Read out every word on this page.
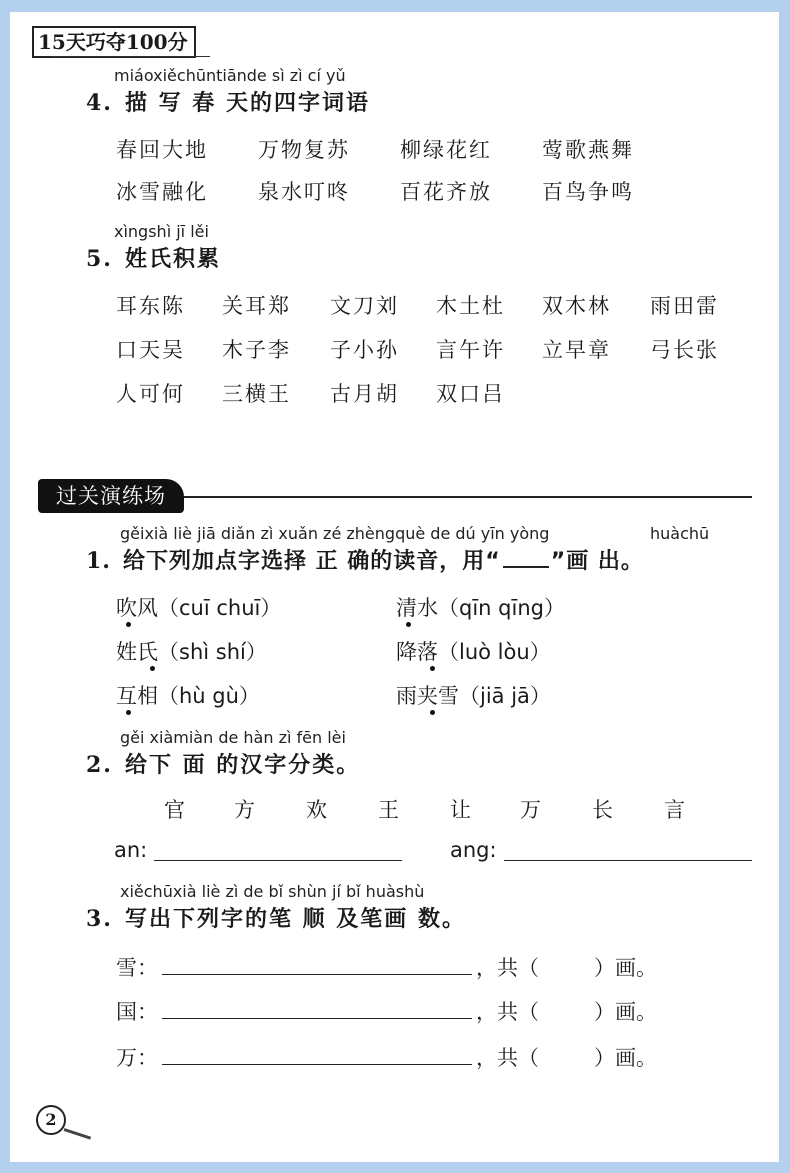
15天巧夺100分
miáoxiěchūntiānde sì zì cí yǔ
4. 描 写 春 天的四字词语
春回大地 万物复苏 柳绿花红 莺歌燕舞
冰雪融化 泉水叮咚 百花齐放 百鸟争鸣
xìngshì jī lěi
5. 姓氏积累
耳东陈 关耳郑 文刀刘 木土杜 双木林 雨田雷
口天吴 木子李 子小孙 言午许 立早章 弓长张
人可何 三横王 古月胡 双口吕
过关演练场
gěixià liè jiā diǎn zì xuǎn zé zhèngquè de dú yīn yòng	huàchū
1. 给下列加点字选择 正 确的读音，用“ ”画 出。
吹风（cuī chuī）	清水（qīn qīng）
姓氏（shì shí）	降落（luò lòu）
互相（hù gù）	雨夹雪（jiā jā）
gěi xiàmiàn de hàn zì fēn lèi
2. 给下 面 的汉字分类。
官 方 欢 王 让 万 长 言
an:	ang:
xiěchūxià liè zì de bǐ shùn jí bǐ huàshù
3. 写出下列字的笔 顺 及笔画 数。
雪：	，共（	）画。
国：	，共（	）画。
万：	，共（	）画。
2
